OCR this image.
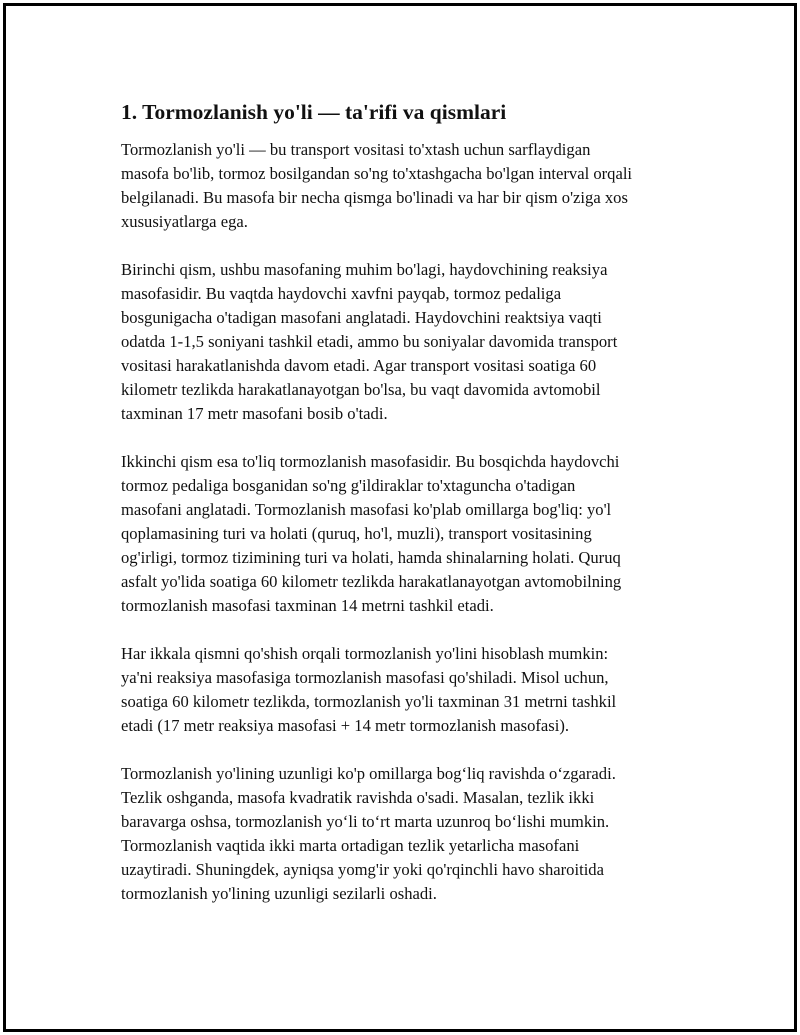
1. Tormozlanish yo'li — ta'rifi va qismlari

Tormozlanish yo'li — bu transport vositasi to'xtash uchun sarflaydigan
masofa bo'lib, tormoz bosilgandan so'ng to'xtashgacha bo'lgan interval orqali
belgilanadi. Bu masofa bir necha qismga bo'linadi va har bir qism o'ziga xos
xususiyatlarga ega.

Birinchi qism, ushbu masofaning muhim bo'lagi, haydovchining reaksiya
masofasidir. Bu vaqtda haydovchi xavfni payqab, tormoz pedaliga
bosgunigacha o'tadigan masofani anglatadi. Haydovchini reaktsiya vaqti
odatda 1-1,5 soniyani tashkil etadi, ammo bu soniyalar davomida transport
vositasi harakatlanishda davom etadi. Agar transport vositasi soatiga 60
kilometr tezlikda harakatlanayotgan bo'lsa, bu vaqt davomida avtomobil
taxminan 17 metr masofani bosib o'tadi.

Ikkinchi qism esa to'liq tormozlanish masofasidir. Bu bosqichda haydovchi
tormoz pedaliga bosganidan so'ng g'ildiraklar to'xtaguncha o'tadigan
masofani anglatadi. Tormozlanish masofasi ko'plab omillarga bog'liq: yo'l
qoplamasining turi va holati (quruq, ho'l, muzli), transport vositasining
og'irligi, tormoz tizimining turi va holati, hamda shinalarning holati. Quruq
asfalt yo'lida soatiga 60 kilometr tezlikda harakatlanayotgan avtomobilning
tormozlanish masofasi taxminan 14 metrni tashkil etadi.

Har ikkala qismni qo'shish orqali tormozlanish yo'lini hisoblash mumkin:
ya'ni reaksiya masofasiga tormozlanish masofasi qo'shiladi. Misol uchun,
soatiga 60 kilometr tezlikda, tormozlanish yo'li taxminan 31 metrni tashkil
etadi (17 metr reaksiya masofasi + 14 metr tormozlanish masofasi).

Tormozlanish yo'lining uzunligi ko'p omillarga bog‘liq ravishda o‘zgaradi.
Tezlik oshganda, masofa kvadratik ravishda o'sadi. Masalan, tezlik ikki
baravarga oshsa, tormozlanish yo‘li to‘rt marta uzunroq bo‘lishi mumkin.
Tormozlanish vaqtida ikki marta ortadigan tezlik yetarlicha masofani
uzaytiradi. Shuningdek, ayniqsa yomg'ir yoki qo'rqinchli havo sharoitida
tormozlanish yo'lining uzunligi sezilarli oshadi.
